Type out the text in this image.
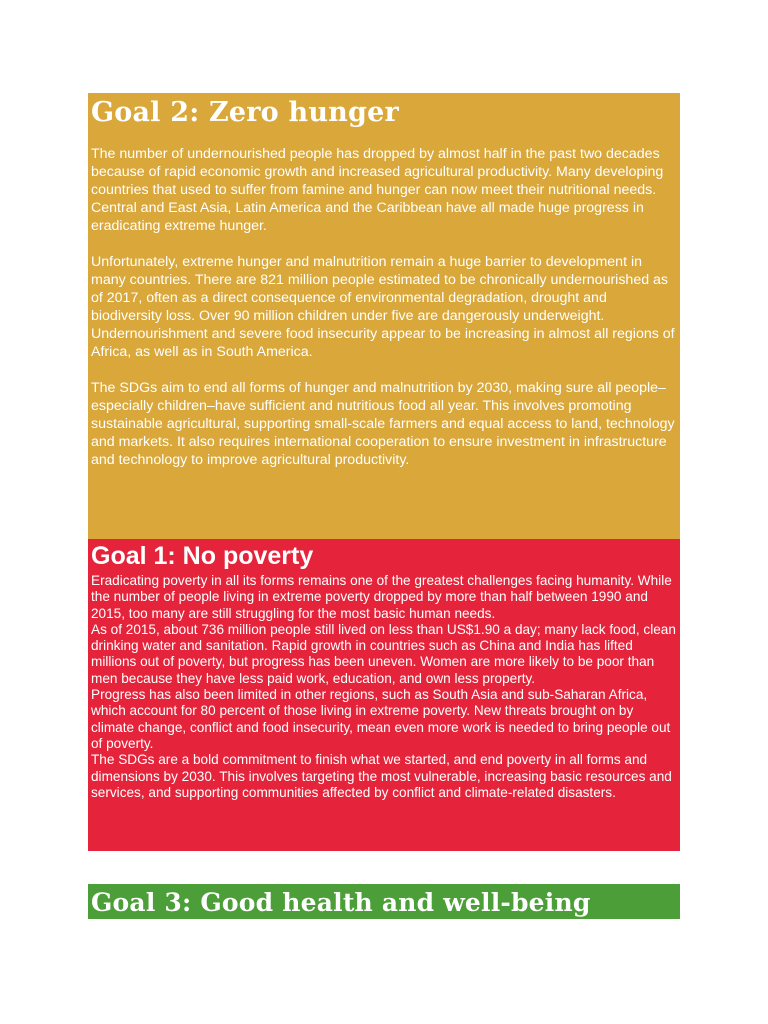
Goal 2: Zero hunger

The number of undernourished people has dropped by almost half in the past two decades because of rapid economic growth and increased agricultural productivity. Many developing countries that used to suffer from famine and hunger can now meet their nutritional needs. Central and East Asia, Latin America and the Caribbean have all made huge progress in eradicating extreme hunger.

Unfortunately, extreme hunger and malnutrition remain a huge barrier to development in many countries. There are 821 million people estimated to be chronically undernourished as of 2017, often as a direct consequence of environmental degradation, drought and biodiversity loss. Over 90 million children under five are dangerously underweight. Undernourishment and severe food insecurity appear to be increasing in almost all regions of Africa, as well as in South America.

The SDGs aim to end all forms of hunger and malnutrition by 2030, making sure all people–especially children–have sufficient and nutritious food all year. This involves promoting sustainable agricultural, supporting small-scale farmers and equal access to land, technology and markets. It also requires international cooperation to ensure investment in infrastructure and technology to improve agricultural productivity.

Goal 1: No poverty

Eradicating poverty in all its forms remains one of the greatest challenges facing humanity. While the number of people living in extreme poverty dropped by more than half between 1990 and 2015, too many are still struggling for the most basic human needs.

As of 2015, about 736 million people still lived on less than US$1.90 a day; many lack food, clean drinking water and sanitation. Rapid growth in countries such as China and India has lifted millions out of poverty, but progress has been uneven. Women are more likely to be poor than men because they have less paid work, education, and own less property.

Progress has also been limited in other regions, such as South Asia and sub-Saharan Africa, which account for 80 percent of those living in extreme poverty. New threats brought on by climate change, conflict and food insecurity, mean even more work is needed to bring people out of poverty.

The SDGs are a bold commitment to finish what we started, and end poverty in all forms and dimensions by 2030. This involves targeting the most vulnerable, increasing basic resources and services, and supporting communities affected by conflict and climate-related disasters.

Goal 3: Good health and well-being
